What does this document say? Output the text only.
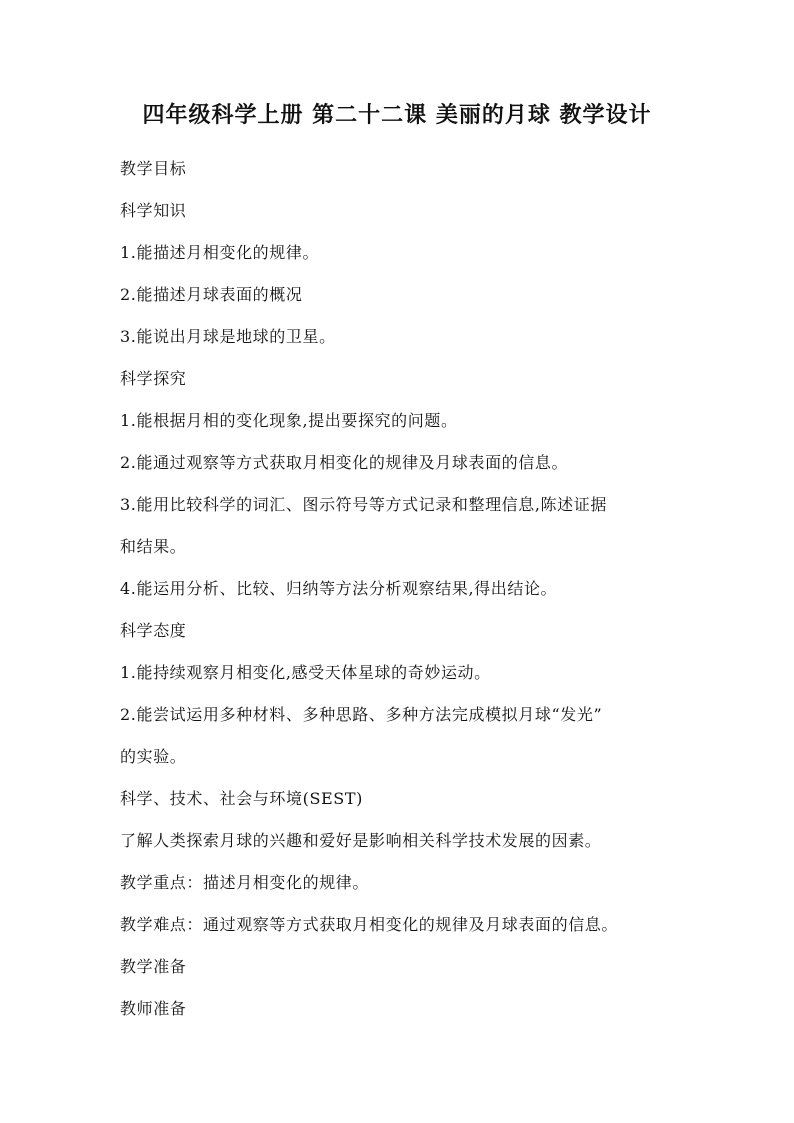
四年级科学上册 第二十二课 美丽的月球 教学设计

教学目标

科学知识

1.能描述月相变化的规律。

2.能描述月球表面的概况

3.能说出月球是地球的卫星。

科学探究

1.能根据月相的变化现象,提出要探究的问题。

2.能通过观察等方式获取月相变化的规律及月球表面的信息。

3.能用比较科学的词汇、图示符号等方式记录和整理信息,陈述证据

和结果。

4.能运用分析、比较、归纳等方法分析观察结果,得出结论。

科学态度

1.能持续观察月相变化,感受天体星球的奇妙运动。

2.能尝试运用多种材料、多种思路、多种方法完成模拟月球“发光”

的实验。

科学、技术、社会与环境(SEST)

了解人类探索月球的兴趣和爱好是影响相关科学技术发展的因素。

教学重点：描述月相变化的规律。

教学难点：通过观察等方式获取月相变化的规律及月球表面的信息。

教学准备

教师准备
